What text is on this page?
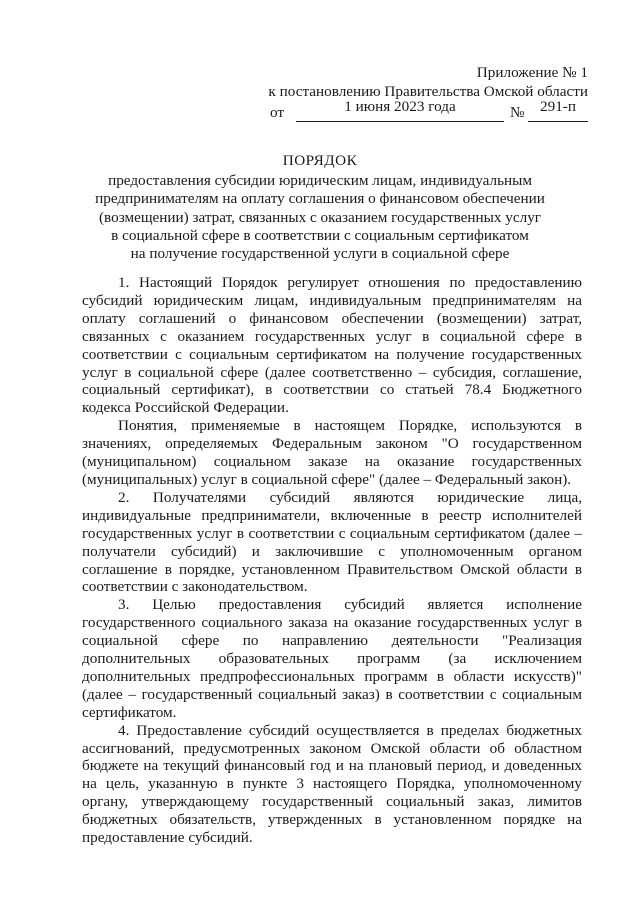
Приложение № 1
к постановлению Правительства Омской области
от	1 июня 2023 года	№	291-п
ПОРЯДОК
предоставления субсидии юридическим лицам, индивидуальным
предпринимателям на оплату соглашения о финансовом обеспечении
(возмещении) затрат, связанных с оказанием государственных услуг
в социальной сфере в соответствии с социальным сертификатом
на получение государственной услуги в социальной сфере

1. Настоящий Порядок регулирует отношения по предоставлению субсидий юридическим лицам, индивидуальным предпринимателям на оплату соглашений о финансовом обеспечении (возмещении) затрат, связанных с оказанием государственных услуг в социальной сфере в соответствии с социальным сертификатом на получение государственных услуг в социальной сфере (далее соответственно – субсидия, соглашение, социальный сертификат), в соответствии со статьей 78.4 Бюджетного кодекса Российской Федерации.

Понятия, применяемые в настоящем Порядке, используются в значениях, определяемых Федеральным законом "О государственном (муниципальном) социальном заказе на оказание государственных (муниципальных) услуг в социальной сфере" (далее – Федеральный закон).

2. Получателями субсидий являются юридические лица, индивидуальные предприниматели, включенные в реестр исполнителей государственных услуг в соответствии с социальным сертификатом (далее – получатели субсидий) и заключившие с уполномоченным органом соглашение в порядке, установленном Правительством Омской области в соответствии с законодательством.

3. Целью предоставления субсидий является исполнение государственного социального заказа на оказание государственных услуг в социальной сфере по направлению деятельности "Реализация дополнительных образовательных программ (за исключением дополнительных предпрофессиональных программ в области искусств)" (далее – государственный социальный заказ) в соответствии с социальным сертификатом.

4. Предоставление субсидий осуществляется в пределах бюджетных ассигнований, предусмотренных законом Омской области об областном бюджете на текущий финансовый год и на плановый период, и доведенных на цель, указанную в пункте 3 настоящего Порядка, уполномоченному органу, утверждающему государственный социальный заказ, лимитов бюджетных обязательств, утвержденных в установленном порядке на предоставление субсидий.
